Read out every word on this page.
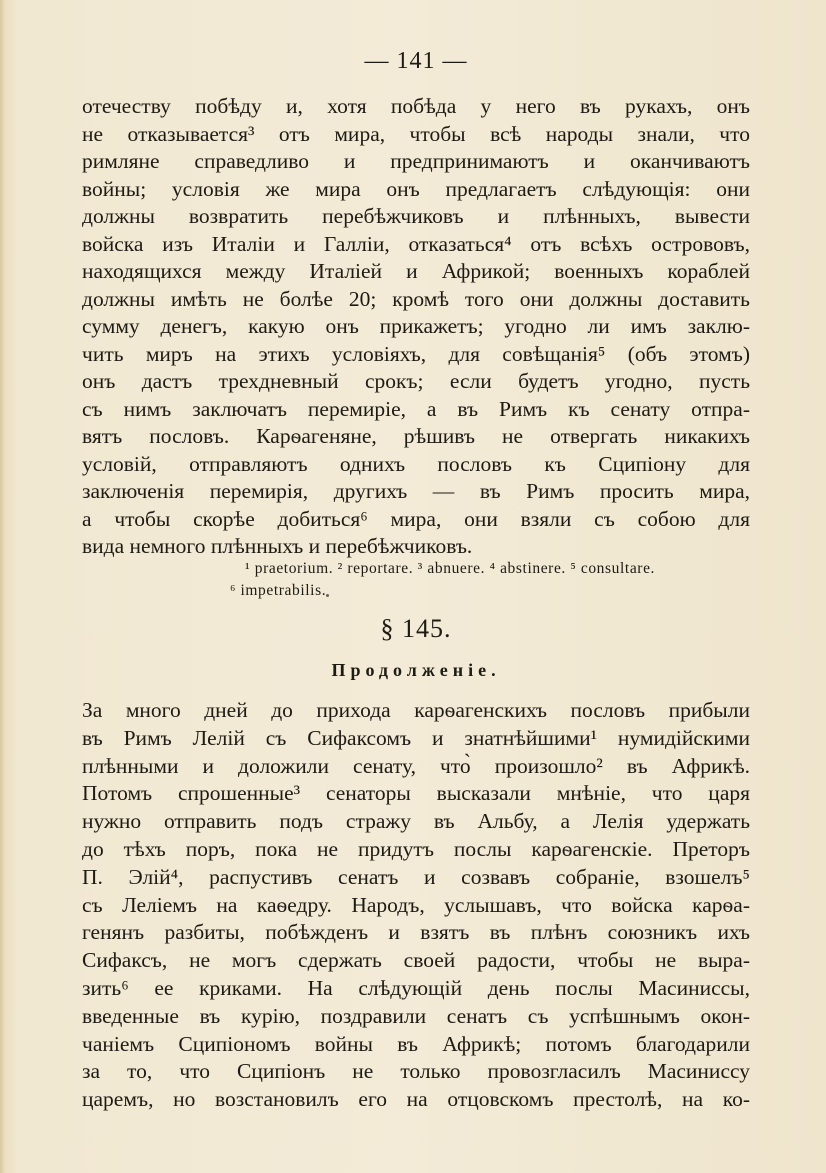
— 141 —
отечеству побѣду и, хотя побѣда у него въ рукахъ, онъ
не отказывается³ отъ мира, чтобы всѣ народы знали, что
римляне справедливо и предпринимаютъ и оканчиваютъ
войны; условія же мира онъ предлагаетъ слѣдующія: они
должны возвратить перебѣжчиковъ и плѣнныхъ, вывести
войска изъ Италіи и Галліи, отказаться⁴ отъ всѣхъ острововъ,
находящихся между Италіей и Африкой; военныхъ кораблей
должны имѣть не болѣе 20; кромѣ того они должны доставить
сумму денегъ, какую онъ прикажетъ; угодно ли имъ заклю-
чить миръ на этихъ условіяхъ, для совѣщанія⁵ (объ этомъ)
онъ дастъ трехдневный срокъ; если будетъ угодно, пусть
съ нимъ заключатъ перемиріе, а въ Римъ къ сенату отпра-
вятъ пословъ. Карѳагеняне, рѣшивъ не отвергать никакихъ
условій, отправляютъ однихъ пословъ къ Сципіону для
заключенія перемирія, другихъ — въ Римъ просить мира,
а чтобы скорѣе добиться⁶ мира, они взяли съ собою для
вида немного плѣнныхъ и перебѣжчиковъ.
¹ praetorium. ² reportare. ³ abnuere. ⁴ abstinere. ⁵ consultare.
⁶ impetrabilis.
§ 145.
Продолженіе.
За много дней до прихода карѳагенскихъ пословъ прибыли
въ Римъ Лелій съ Сифаксомъ и знатнѣйшими¹ нумидійскими
плѣнными и доложили сенату, что̀ произошло² въ Африкѣ.
Потомъ спрошенные³ сенаторы высказали мнѣніе, что царя
нужно отправить подъ стражу въ Альбу, а Лелія удержать
до тѣхъ поръ, пока не придутъ послы карѳагенскіе. Преторъ
П. Элій⁴, распустивъ сенатъ и созвавъ собраніе, взошелъ⁵
съ Леліемъ на каѳедру. Народъ, услышавъ, что войска карѳа-
генянъ разбиты, побѣжденъ и взятъ въ плѣнъ союзникъ ихъ
Сифаксъ, не могъ сдержать своей радости, чтобы не выра-
зить⁶ ее криками. На слѣдующій день послы Масиниссы,
введенные въ курію, поздравили сенатъ съ успѣшнымъ окон-
чаніемъ Сципіономъ войны въ Африкѣ; потомъ благодарили
за то, что Сципіонъ не только провозгласилъ Масиниссу
царемъ, но возстановилъ его на отцовскомъ престолѣ, на ко-
